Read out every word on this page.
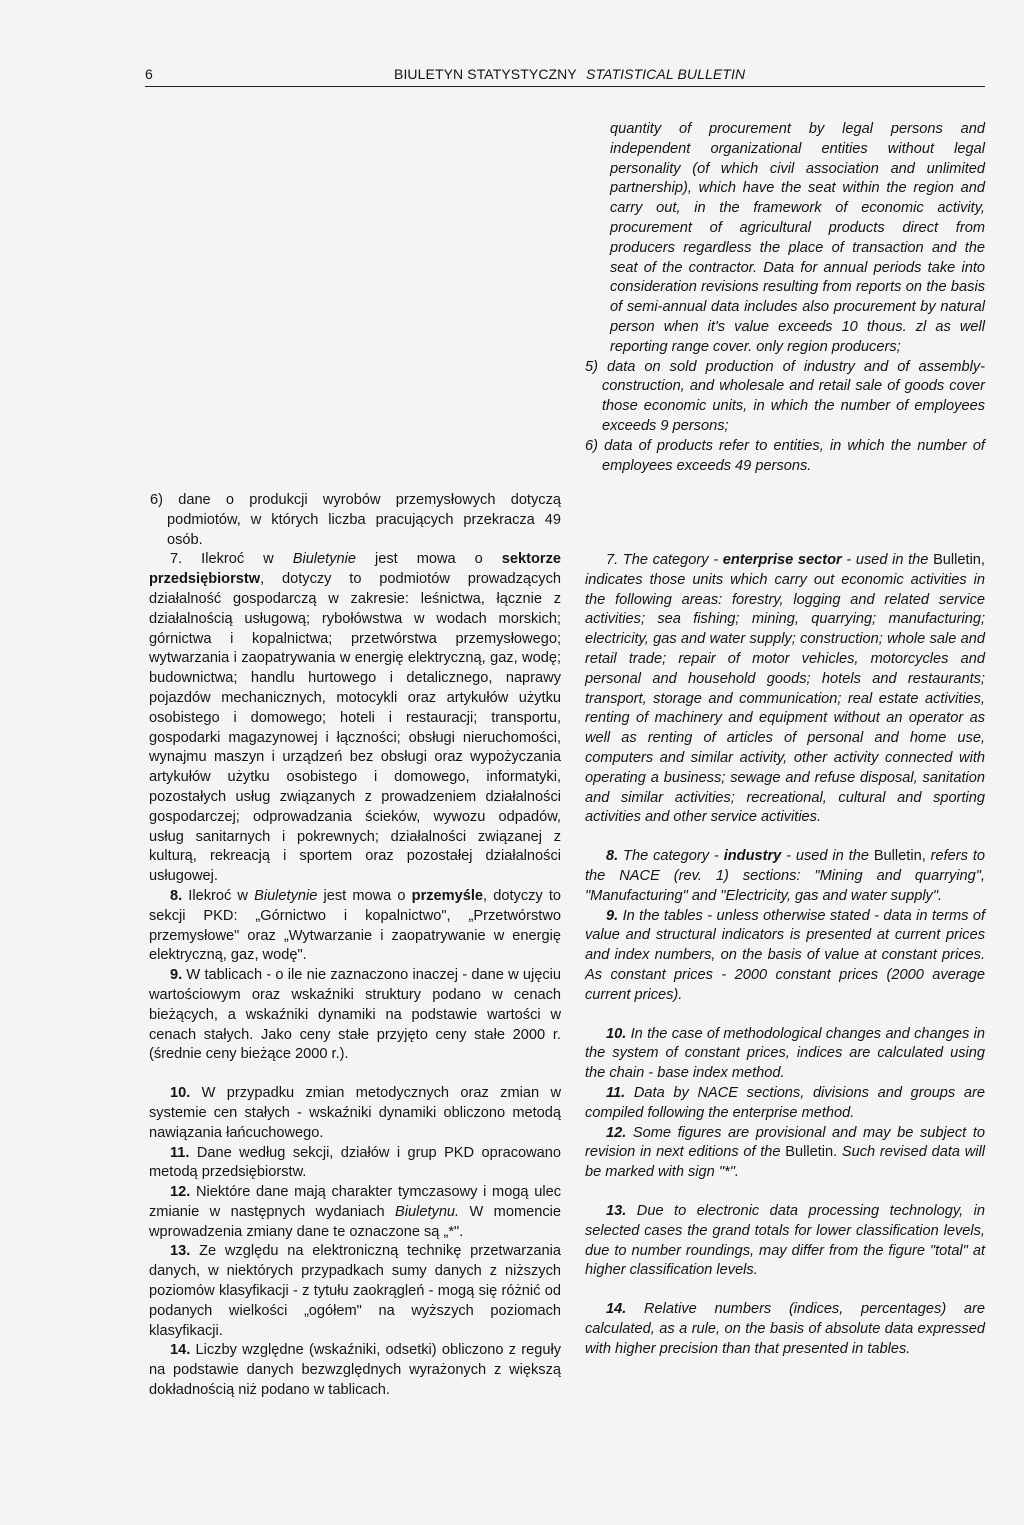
6	BIULETYN STATYSTYCZNY STATISTICAL BULLETIN

quantity of procurement by legal persons and independent organizational entities without legal personality (of which civil association and unlimited partnership), which have the seat within the region and carry out, in the framework of economic activity, procurement of agricultural products direct from producers regardless the place of transaction and the seat of the contractor. Data for annual periods take into consideration revisions resulting from reports on the basis of semi-annual data includes also procurement by natural person when it's value exceeds 10 thous. zl as well reporting range cover. only region producers;

5) data on sold production of industry and of assembly-construction, and wholesale and retail sale of goods cover those economic units, in which the number of employees exceeds 9 persons;

6) data of products refer to entities, in which the number of employees exceeds 49 persons.

6) dane o produkcji wyrobów przemysłowych dotyczą podmiotów, w których liczba pracujących przekracza 49 osób.

7. Ilekroć w Biuletynie jest mowa o sektorze przedsiębiorstw, dotyczy to podmiotów prowadzących działalność gospodarczą w zakresie: leśnictwa, łącznie z działalnością usługową; rybołówstwa w wodach morskich; górnictwa i kopalnictwa; przetwórstwa przemysłowego; wytwarzania i zaopatrywania w energię elektryczną, gaz, wodę; budownictwa; handlu hurtowego i detalicznego, naprawy pojazdów mechanicznych, motocykli oraz artykułów użytku osobistego i domowego; hoteli i restauracji; transportu, gospodarki magazynowej i łączności; obsługi nieruchomości, wynajmu maszyn i urządzeń bez obsługi oraz wypożyczania artykułów użytku osobistego i domowego, informatyki, pozostałych usług związanych z prowadzeniem działalności gospodarczej; odprowadzania ścieków, wywozu odpadów, usług sanitarnych i pokrewnych; działalności związanej z kulturą, rekreacją i sportem oraz pozostałej działalności usługowej.

8. Ilekroć w Biuletynie jest mowa o przemyśle, dotyczy to sekcji PKD: „Górnictwo i kopalnictwo", „Przetwórstwo przemysłowe" oraz „Wytwarzanie i zaopatrywanie w energię elektryczną, gaz, wodę".

9. W tablicach - o ile nie zaznaczono inaczej - dane w ujęciu wartościowym oraz wskaźniki struktury podano w cenach bieżących, a wskaźniki dynamiki na podstawie wartości w cenach stałych. Jako ceny stałe przyjęto ceny stałe 2000 r. (średnie ceny bieżące 2000 r.).

10. W przypadku zmian metodycznych oraz zmian w systemie cen stałych - wskaźniki dynamiki obliczono metodą nawiązania łańcuchowego.

11. Dane według sekcji, działów i grup PKD opracowano metodą przedsiębiorstw.

12. Niektóre dane mają charakter tymczasowy i mogą ulec zmianie w następnych wydaniach Biuletynu. W momencie wprowadzenia zmiany dane te oznaczone są „*".

13. Ze względu na elektroniczną technikę przetwarzania danych, w niektórych przypadkach sumy danych z niższych poziomów klasyfikacji - z tytułu zaokrągleń - mogą się różnić od podanych wielkości „ogółem" na wyższych poziomach klasyfikacji.

14. Liczby względne (wskaźniki, odsetki) obliczono z reguły na podstawie danych bezwzględnych wyrażonych z większą dokładnością niż podano w tablicach.

7. The category - enterprise sector - used in the Bulletin, indicates those units which carry out economic activities in the following areas: forestry, logging and related service activities; sea fishing; mining, quarrying; manufacturing; electricity, gas and water supply; construction; whole sale and retail trade; repair of motor vehicles, motorcycles and personal and household goods; hotels and restaurants; transport, storage and communication; real estate activities, renting of machinery and equipment without an operator as well as renting of articles of personal and home use, computers and similar activity, other activity connected with operating a business; sewage and refuse disposal, sanitation and similar activities; recreational, cultural and sporting activities and other service activities.

8. The category - industry - used in the Bulletin, refers to the NACE (rev. 1) sections: "Mining and quarrying", "Manufacturing" and "Electricity, gas and water supply".

9. In the tables - unless otherwise stated - data in terms of value and structural indicators is presented at current prices and index numbers, on the basis of value at constant prices. As constant prices - 2000 constant prices (2000 average current prices).

10. In the case of methodological changes and changes in the system of constant prices, indices are calculated using the chain - base index method.

11. Data by NACE sections, divisions and groups are compiled following the enterprise method.

12. Some figures are provisional and may be subject to revision in next editions of the Bulletin. Such revised data will be marked with sign "*".

13. Due to electronic data processing technology, in selected cases the grand totals for lower classification levels, due to number roundings, may differ from the figure "total" at higher classification levels.

14. Relative numbers (indices, percentages) are calculated, as a rule, on the basis of absolute data expressed with higher precision than that presented in tables.
